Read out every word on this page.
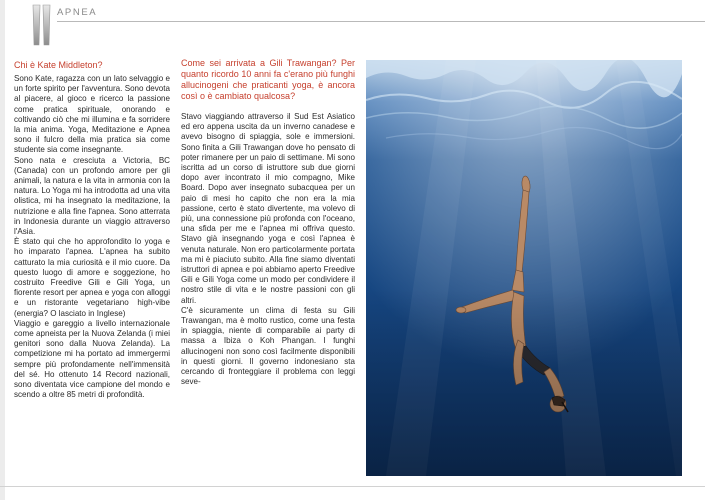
APNEA

Chi è Kate Middleton?

Sono Kate, ragazza con un lato selvaggio e un forte spirito per l'avventura. Sono devota al piacere, al gioco e ricerco la passione come pratica spirituale, onorando e coltivando ciò che mi illumina e fa sorridere la mia anima. Yoga, Meditazione e Apnea sono il fulcro della mia pratica sia come studente sia come insegnante.

Sono nata e cresciuta a Victoria, BC (Canada) con un profondo amore per gli animali, la natura e la vita in armonia con la natura. Lo Yoga mi ha introdotta ad una vita olistica, mi ha insegnato la meditazione, la nutrizione e alla fine l'apnea. Sono atterrata in Indonesia durante un viaggio attraverso l'Asia.

È stato qui che ho approfondito lo yoga e ho imparato l'apnea. L'apnea ha subito catturato la mia curiosità e il mio cuore. Da questo luogo di amore e soggezione, ho costruito Freedive Gili e Gili Yoga, un fiorente resort per apnea e yoga con alloggi e un ristorante vegetariano high-vibe (energia? O lasciato in Inglese)

Viaggio e gareggio a livello internazionale come apneista per la Nuova Zelanda (i miei genitori sono dalla Nuova Zelanda). La competizione mi ha portato ad immergermi sempre più profondamente nell'immensità del sé. Ho ottenuto 14 Record nazionali, sono diventata vice campione del mondo e scendo a oltre 85 metri di profondità.

Come sei arrivata a Gili Trawangan? Per quanto ricordo 10 anni fa c'erano più funghi allucinogeni che praticanti yoga, è ancora così o è cambiato qualcosa?

Stavo viaggiando attraverso il Sud Est Asiatico ed ero appena uscita da un inverno canadese e avevo bisogno di spiaggia, sole e immersioni. Sono finita a Gili Trawangan dove ho pensato di poter rimanere per un paio di settimane. Mi sono iscritta ad un corso di istruttore sub due giorni dopo aver incontrato il mio compagno, Mike Board. Dopo aver insegnato subacquea per un paio di mesi ho capito che non era la mia passione, certo è stato divertente, ma volevo di più, una connessione più profonda con l'oceano, una sfida per me e l'apnea mi offriva questo. Stavo già insegnando yoga e così l'apnea è venuta naturale. Non ero particolarmente portata ma mi è piaciuto subito. Alla fine siamo diventati istruttori di apnea e poi abbiamo aperto Freedive Gili e Gili Yoga come un modo per condividere il nostro stile di vita e le nostre passioni con gli altri.

C'è sicuramente un clima di festa su Gili Trawangan, ma è molto rustico, come una festa in spiaggia, niente di comparabile ai party di massa a Ibiza o Koh Phangan. I funghi allucinogeni non sono così facilmente disponibili in questi giorni. Il governo indonesiano sta cercando di fronteggiare il problema con leggi seve-
